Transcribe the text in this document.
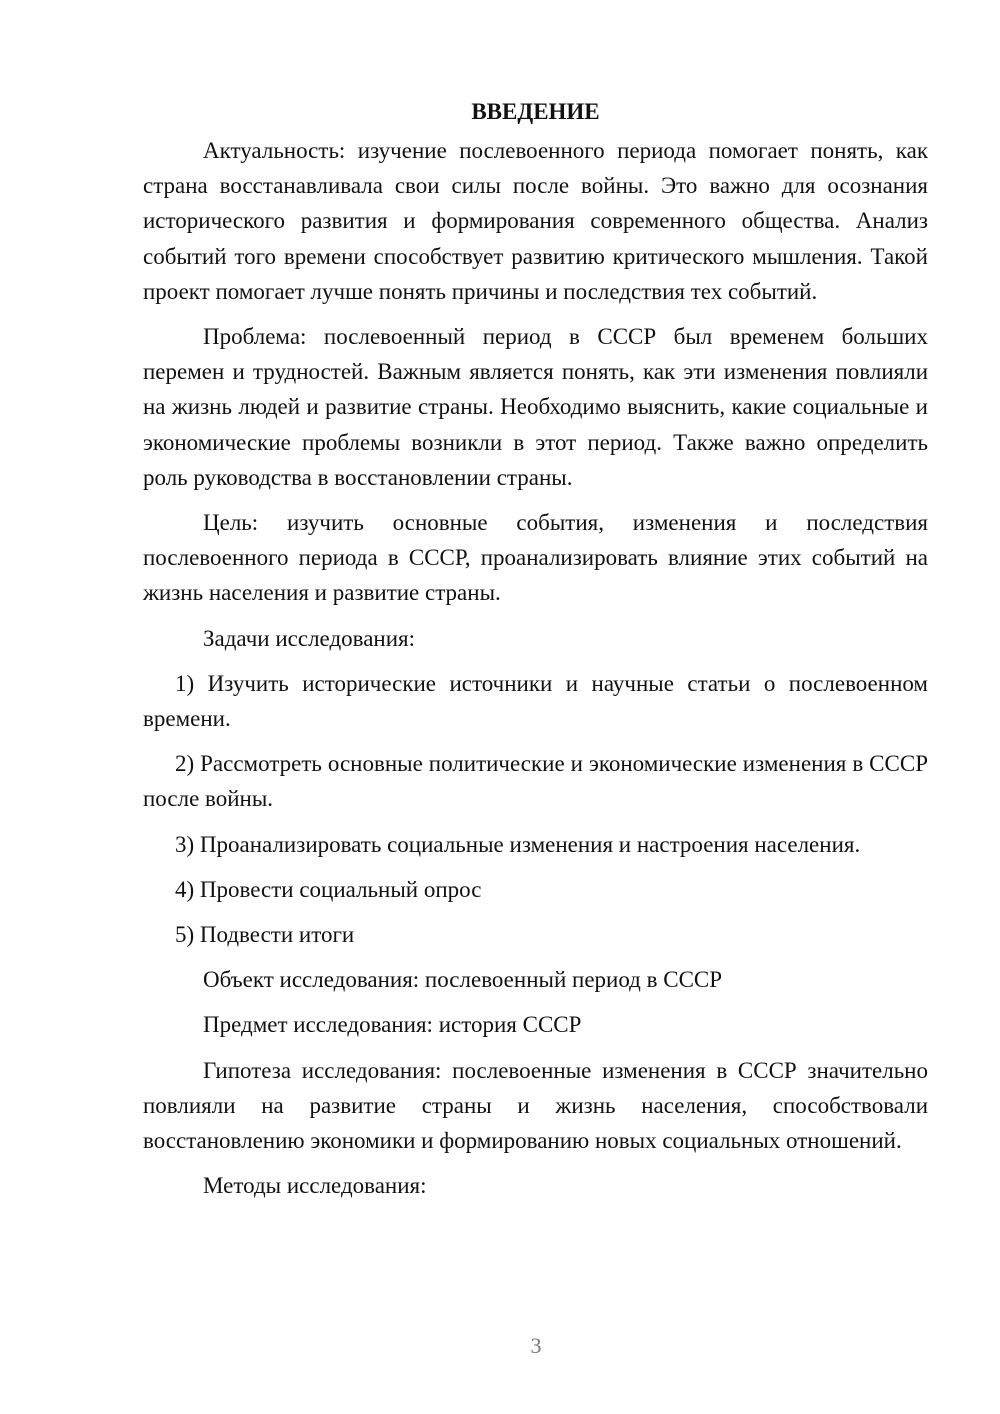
ВВЕДЕНИЕ

Актуальность: изучение послевоенного периода помогает понять, как страна восстанавливала свои силы после войны. Это важно для осознания исторического развития и формирования современного общества. Анализ событий того времени способствует развитию критического мышления. Такой проект помогает лучше понять причины и последствия тех событий.

Проблема: послевоенный период в СССР был временем больших перемен и трудностей. Важным является понять, как эти изменения повлияли на жизнь людей и развитие страны. Необходимо выяснить, какие социальные и экономические проблемы возникли в этот период. Также важно определить роль руководства в восстановлении страны.

Цель: изучить основные события, изменения и последствия послевоенного периода в СССР, проанализировать влияние этих событий на жизнь населения и развитие страны.

Задачи исследования:

1) Изучить исторические источники и научные статьи о послевоенном времени.
2) Рассмотреть основные политические и экономические изменения в СССР после войны.
3) Проанализировать социальные изменения и настроения населения.
4) Провести социальный опрос
5) Подвести итоги

Объект исследования: послевоенный период в СССР

Предмет исследования: история СССР

Гипотеза исследования: послевоенные изменения в СССР значительно повлияли на развитие страны и жизнь населения, способствовали восстановлению экономики и формированию новых социальных отношений.

Методы исследования:

3
